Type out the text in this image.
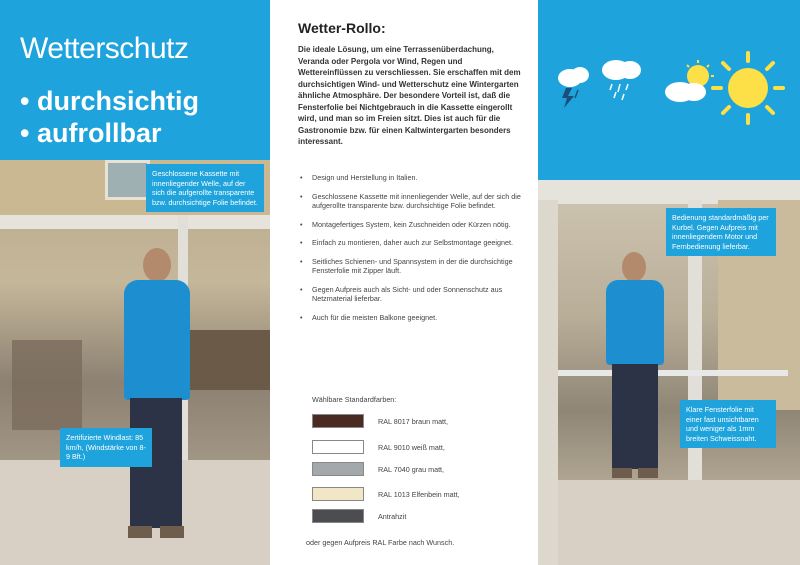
Wetterschutz
• durchsichtig
• aufrollbar
Geschlossene Kassette mit innenliegender Welle, auf der sich die aufgerollte transparente bzw. durchsichtige Folie befindet.
Zertifizierte Windlast: 85 km/h, (Windstärke von 8-9 Bft.)
Wetter-Rollo:
Die ideale Lösung, um eine Terrassenüberdachung, Veranda oder Pergola vor Wind, Regen und Wettereinflüssen zu verschliessen. Sie erschaffen mit dem durchsichtigen Wind- und Wetterschutz eine Wintergarten ähnliche Atmosphäre. Der besondere Vorteil ist, daß die Fensterfolie bei Nichtgebrauch in die Kassette eingerollt wird, und man so im Freien sitzt. Dies ist auch für die Gastronomie bzw. für einen Kaltwintergarten besonders interessant.
• Design und Herstellung in Italien.
• Geschlossene Kassette mit innenliegender Welle, auf der sich die aufgerollte transparente bzw. durchsichtige Folie befindet.
• Montagefertiges System, kein Zuschneiden oder Kürzen nötig.
• Einfach zu montieren, daher auch zur Selbstmontage geeignet.
• Seitliches Schienen- und Spannsystem in der die durchsichtige Fensterfolie mit Zipper läuft.
• Gegen Aufpreis auch als Sicht- und oder Sonnenschutz aus Netzmaterial lieferbar.
• Auch für die meisten Balkone geeignet.
Wählbare Standardfarben:
RAL 8017 braun matt,
RAL 9010 weiß matt,
RAL 7040 grau matt,
RAL 1013 Elfenbein matt,
Antrahzit
oder gegen Aufpreis RAL Farbe nach Wunsch.
Bedienung standardmäßig per Kurbel. Gegen Aufpreis mit innenliegendem Motor und Fernbedienung lieferbar.
Klare Fensterfolie mit einer fast unsichtbaren und weniger als 1mm breiten Schweissnaht.
